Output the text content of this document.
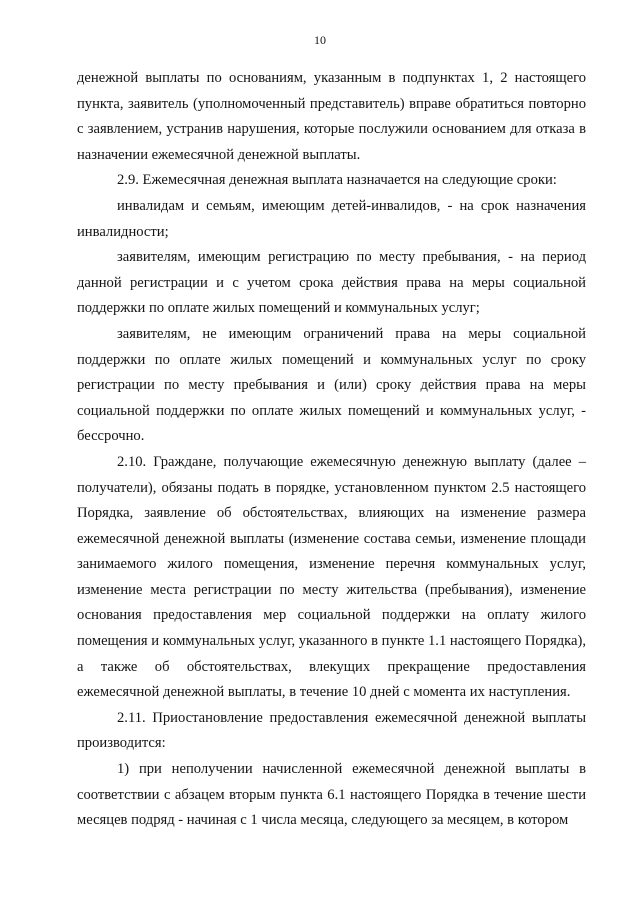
10

денежной выплаты по основаниям, указанным в подпунктах 1, 2 настоящего пункта, заявитель (уполномоченный представитель) вправе обратиться повторно с заявлением, устранив нарушения, которые послужили основанием для отказа в назначении ежемесячной денежной выплаты.

2.9. Ежемесячная денежная выплата назначается на следующие сроки:

инвалидам и семьям, имеющим детей-инвалидов, - на срок назначения инвалидности;

заявителям, имеющим регистрацию по месту пребывания, - на период данной регистрации и с учетом срока действия права на меры социальной поддержки по оплате жилых помещений и коммунальных услуг;

заявителям, не имеющим ограничений права на меры социальной поддержки по оплате жилых помещений и коммунальных услуг по сроку регистрации по месту пребывания и (или) сроку действия права на меры социальной поддержки по оплате жилых помещений и коммунальных услуг, - бессрочно.

2.10. Граждане, получающие ежемесячную денежную выплату (далее – получатели), обязаны подать в порядке, установленном пунктом 2.5 настоящего Порядка, заявление об обстоятельствах, влияющих на изменение размера ежемесячной денежной выплаты (изменение состава семьи, изменение площади занимаемого жилого помещения, изменение перечня коммунальных услуг, изменение места регистрации по месту жительства (пребывания), изменение основания предоставления мер социальной поддержки на оплату жилого помещения и коммунальных услуг, указанного в пункте 1.1 настоящего Порядка), а также об обстоятельствах, влекущих прекращение предоставления ежемесячной денежной выплаты, в течение 10 дней с момента их наступления.

2.11. Приостановление предоставления ежемесячной денежной выплаты производится:

1) при неполучении начисленной ежемесячной денежной выплаты в соответствии с абзацем вторым пункта 6.1 настоящего Порядка в течение шести месяцев подряд - начиная с 1 числа месяца, следующего за месяцем, в котором
